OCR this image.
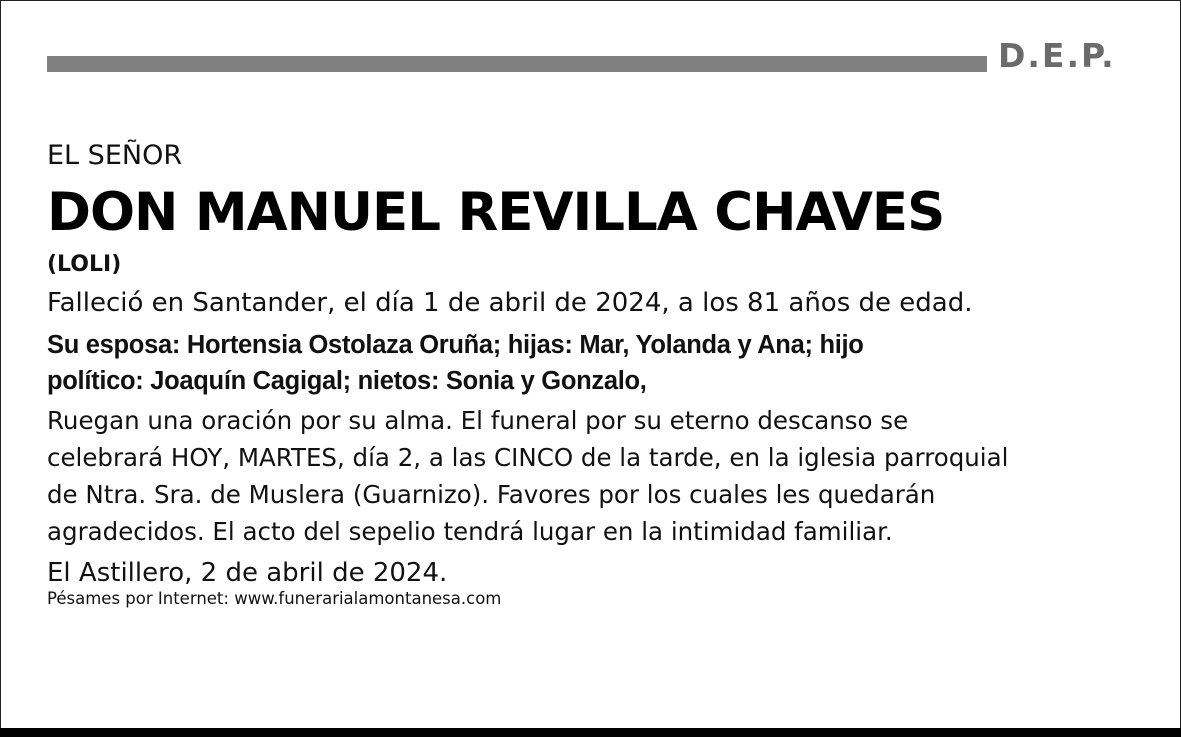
D.E.P.
EL SEÑOR
DON MANUEL REVILLA CHAVES
(LOLI)
Falleció en Santander, el día 1 de abril de 2024, a los 81 años de edad.
Su esposa: Hortensia Ostolaza Oruña; hijas: Mar, Yolanda y Ana; hijo
político: Joaquín Cagigal; nietos: Sonia y Gonzalo,
Ruegan una oración por su alma. El funeral por su eterno descanso se
celebrará HOY, MARTES, día 2, a las CINCO de la tarde, en la iglesia parroquial
de Ntra. Sra. de Muslera (Guarnizo). Favores por los cuales les quedarán
agradecidos. El acto del sepelio tendrá lugar en la intimidad familiar.
El Astillero, 2 de abril de 2024.
Pésames por Internet: www.funerarialamontanesa.com
